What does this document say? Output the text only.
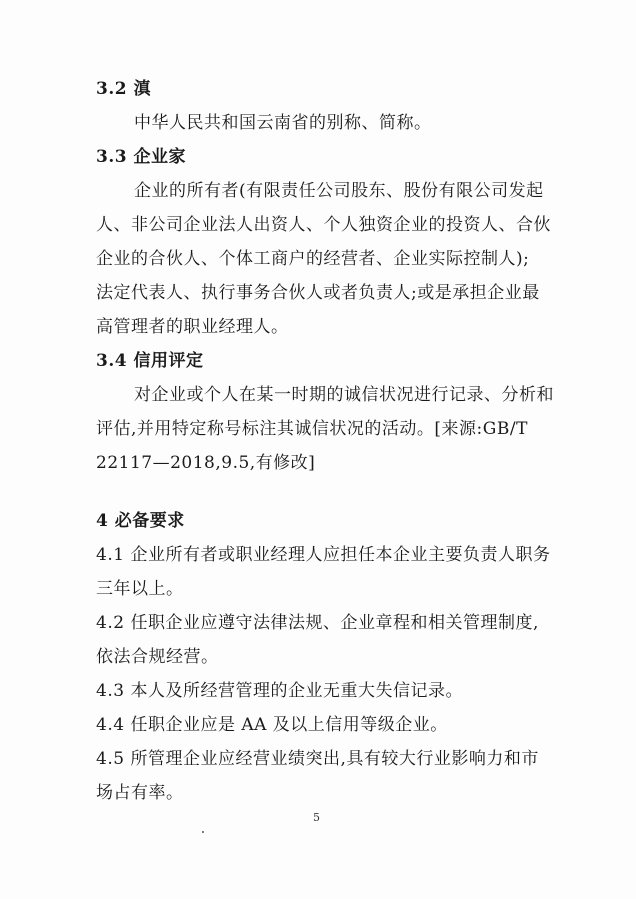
3.2 滇
中华人民共和国云南省的别称、简称。
3.3 企业家
企业的所有者(有限责任公司股东、股份有限公司发起
人、非公司企业法人出资人、个人独资企业的投资人、合伙
企业的合伙人、个体工商户的经营者、企业实际控制人);
法定代表人、执行事务合伙人或者负责人;或是承担企业最
高管理者的职业经理人。
3.4 信用评定
对企业或个人在某一时期的诚信状况进行记录、分析和
评估,并用特定称号标注其诚信状况的活动。[来源:GB/T
22117—2018,9.5,有修改]
4 必备要求
4.1 企业所有者或职业经理人应担任本企业主要负责人职务
三年以上。
4.2 任职企业应遵守法律法规、企业章程和相关管理制度,
依法合规经营。
4.3 本人及所经营管理的企业无重大失信记录。
4.4 任职企业应是 AA 及以上信用等级企业。
4.5 所管理企业应经营业绩突出,具有较大行业影响力和市
场占有率。
5
